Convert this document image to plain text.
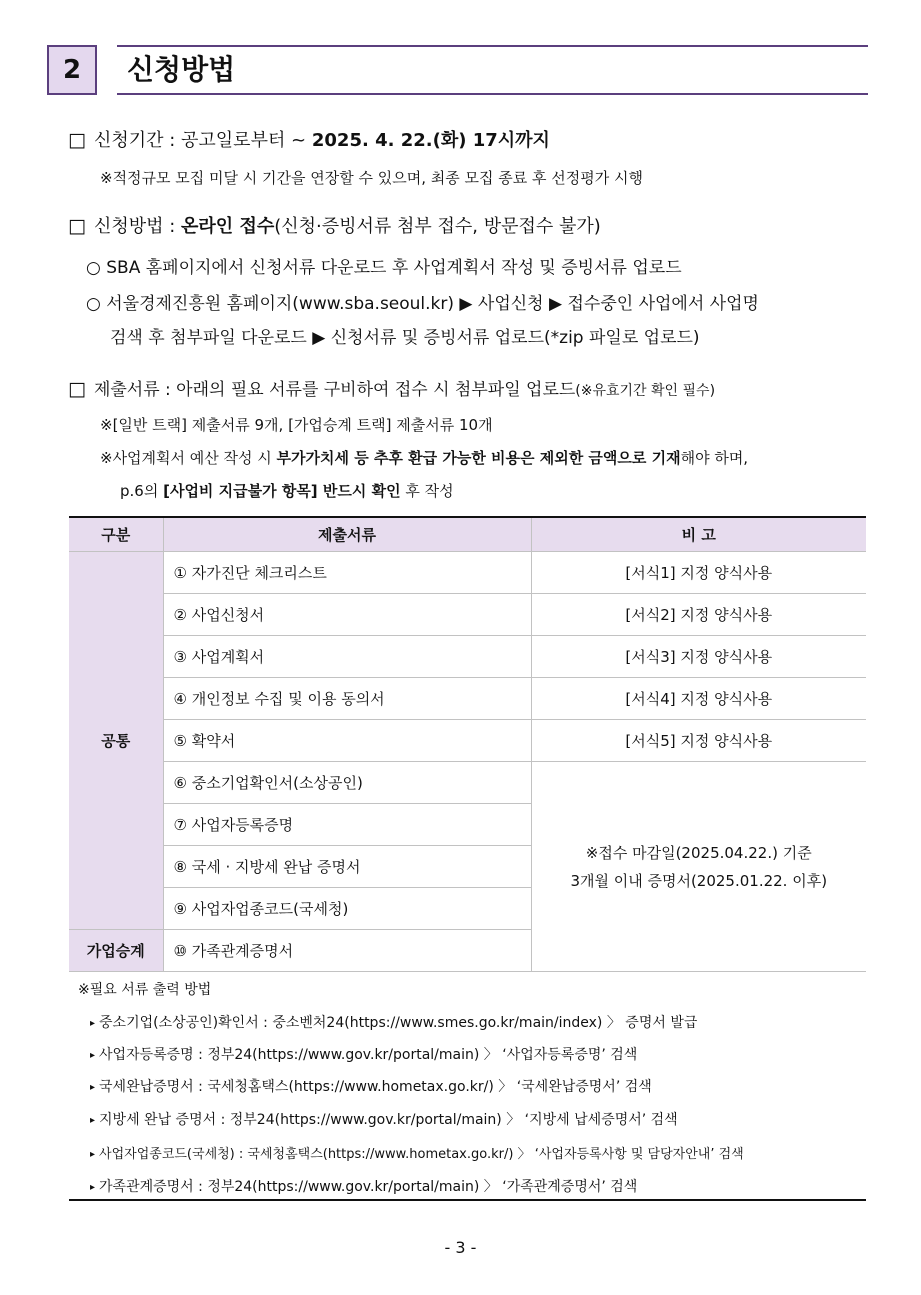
2	신청방법
□ 신청기간 : 공고일로부터 ~ 2025. 4. 22.(화) 17시까지
※적정규모 모집 미달 시 기간을 연장할 수 있으며, 최종 모집 종료 후 선정평가 시행
□ 신청방법 : 온라인 접수(신청·증빙서류 첨부 접수, 방문접수 불가)
○ SBA 홈페이지에서 신청서류 다운로드 후 사업계획서 작성 및 증빙서류 업로드
○ 서울경제진흥원 홈페이지(www.sba.seoul.kr) ▶ 사업신청 ▶ 접수중인 사업에서 사업명
검색 후 첨부파일 다운로드 ▶ 신청서류 및 증빙서류 업로드(*zip 파일로 업로드)
□ 제출서류 : 아래의 필요 서류를 구비하여 접수 시 첨부파일 업로드(※유효기간 확인 필수)
※[일반 트랙] 제출서류 9개, [가업승계 트랙] 제출서류 10개
※사업계획서 예산 작성 시 부가가치세 등 추후 환급 가능한 비용은 제외한 금액으로 기재해야 하며,
p.6의 [사업비 지급불가 항목] 반드시 확인 후 작성
구분	제출서류	비 고
공통	① 자가진단 체크리스트	[서식1] 지정 양식사용
	② 사업신청서	[서식2] 지정 양식사용
	③ 사업계획서	[서식3] 지정 양식사용
	④ 개인정보 수집 및 이용 동의서	[서식4] 지정 양식사용
	⑤ 확약서	[서식5] 지정 양식사용
	⑥ 중소기업확인서(소상공인)	※접수 마감일(2025.04.22.) 기준
3개월 이내 증명서(2025.01.22. 이후)

	⑦ 사업자등록증명	
	⑧ 국세 · 지방세 완납 증명서	
	⑨ 사업자업종코드(국세청)	
가업승계	⑩ 가족관계증명서	
※필요 서류 출력 방법
▸ 중소기업(소상공인)확인서 : 중소벤처24(https://www.smes.go.kr/main/index) 〉 증명서 발급
▸ 사업자등록증명 : 정부24(https://www.gov.kr/portal/main) 〉 ‘사업자등록증명’ 검색
▸ 국세완납증명서 : 국세청홈택스(https://www.hometax.go.kr/) 〉 ‘국세완납증명서’ 검색
▸ 지방세 완납 증명서 : 정부24(https://www.gov.kr/portal/main) 〉 ‘지방세 납세증명서’ 검색
▸ 사업자업종코드(국세청) : 국세청홈택스(https://www.hometax.go.kr/) 〉 ‘사업자등록사항 및 담당자안내’ 검색
▸ 가족관계증명서 : 정부24(https://www.gov.kr/portal/main) 〉 ‘가족관계증명서’ 검색
- 3 -
